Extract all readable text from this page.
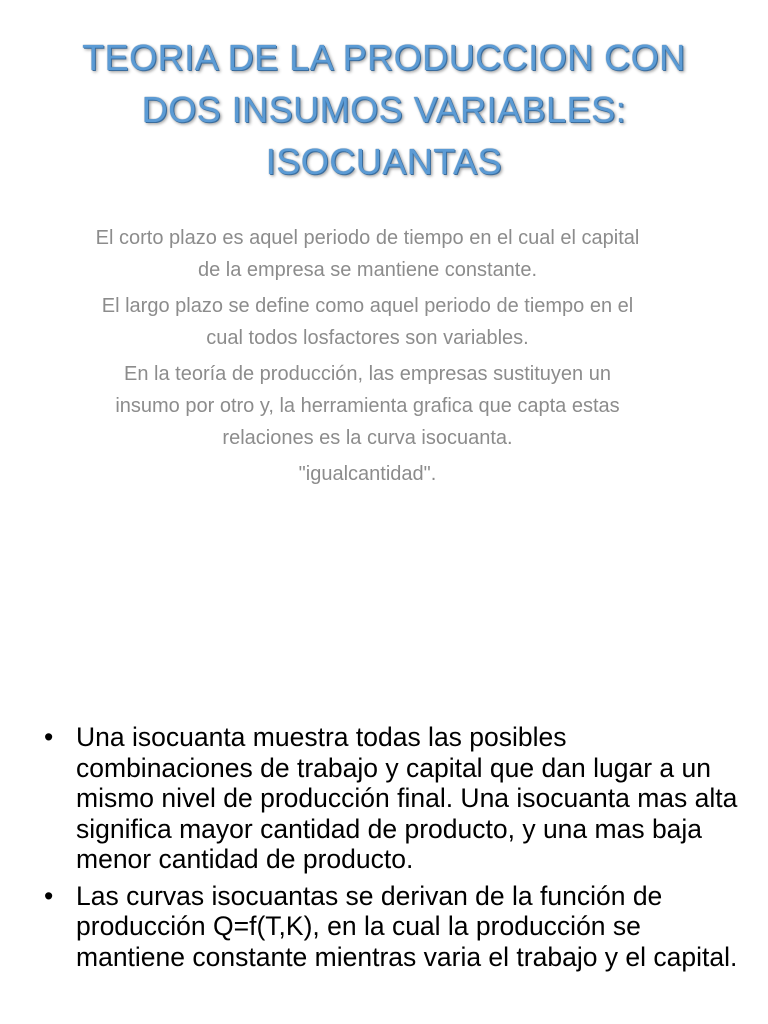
TEORIA DE LA PRODUCCION CON DOS INSUMOS VARIABLES: ISOCUANTAS

El corto plazo es aquel periodo de tiempo en el cual el capital de la empresa se mantiene constante.

El largo plazo se define como aquel periodo de tiempo en el cual todos losfactores son variables.

En la teoría de producción, las empresas sustituyen un insumo por otro y, la herramienta grafica que capta estas relaciones es la curva isocuanta.

"igualcantidad".

• Una isocuanta muestra todas las posibles combinaciones de trabajo y capital que dan lugar a un mismo nivel de producción final. Una isocuanta mas alta significa mayor cantidad de producto, y una mas baja menor cantidad de producto.
• Las curvas isocuantas se derivan de la función de producción Q=f(T,K), en la cual la producción se mantiene constante mientras varia el trabajo y el capital.
